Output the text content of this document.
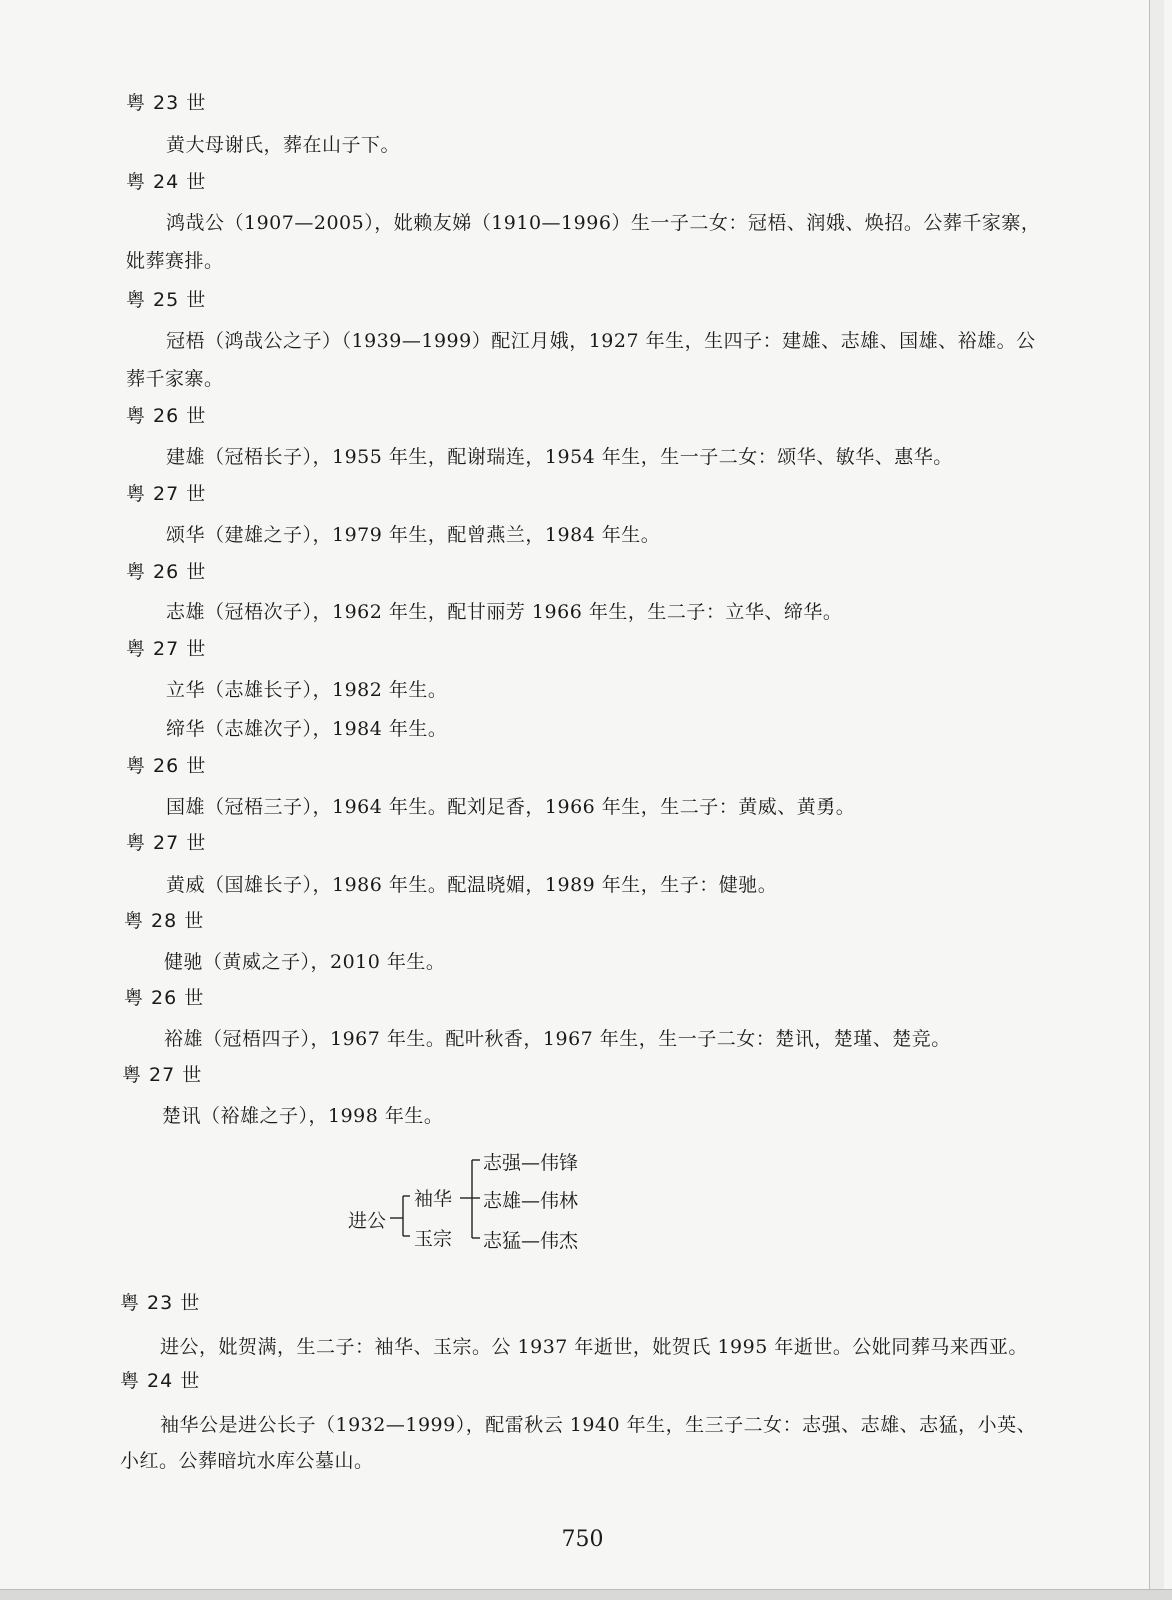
粤 23 世
黄大母谢氏，葬在山子下。
粤 24 世
鸿哉公（1907—2005），妣赖友娣（1910—1996）生一子二女：冠梧、润娥、焕招。公葬千家寨，
妣葬赛排。
粤 25 世
冠梧（鸿哉公之子）（1939—1999）配江月娥，1927 年生，生四子：建雄、志雄、国雄、裕雄。公
葬千家寨。
粤 26 世
建雄（冠梧长子），1955 年生，配谢瑞连，1954 年生，生一子二女：颂华、敏华、惠华。
粤 27 世
颂华（建雄之子），1979 年生，配曾燕兰，1984 年生。
粤 26 世
志雄（冠梧次子），1962 年生，配甘丽芳 1966 年生，生二子：立华、缔华。
粤 27 世
立华（志雄长子），1982 年生。
缔华（志雄次子），1984 年生。
粤 26 世
国雄（冠梧三子），1964 年生。配刘足香，1966 年生，生二子：黄威、黄勇。
粤 27 世
黄威（国雄长子），1986 年生。配温晓媚，1989 年生，生子：健驰。
粤 28 世
健驰（黄威之子），2010 年生。
粤 26 世
裕雄（冠梧四子），1967 年生。配叶秋香，1967 年生，生一子二女：楚讯，楚瑾、楚竞。
粤 27 世
楚讯（裕雄之子），1998 年生。
进公
袖华
玉宗
志强—伟锋
志雄—伟林
志猛—伟杰
粤 23 世
进公，妣贺满，生二子：袖华、玉宗。公 1937 年逝世，妣贺氏 1995 年逝世。公妣同葬马来西亚。
粤 24 世
袖华公是进公长子（1932—1999），配雷秋云 1940 年生，生三子二女：志强、志雄、志猛，小英、
小红。公葬暗坑水库公墓山。
750
